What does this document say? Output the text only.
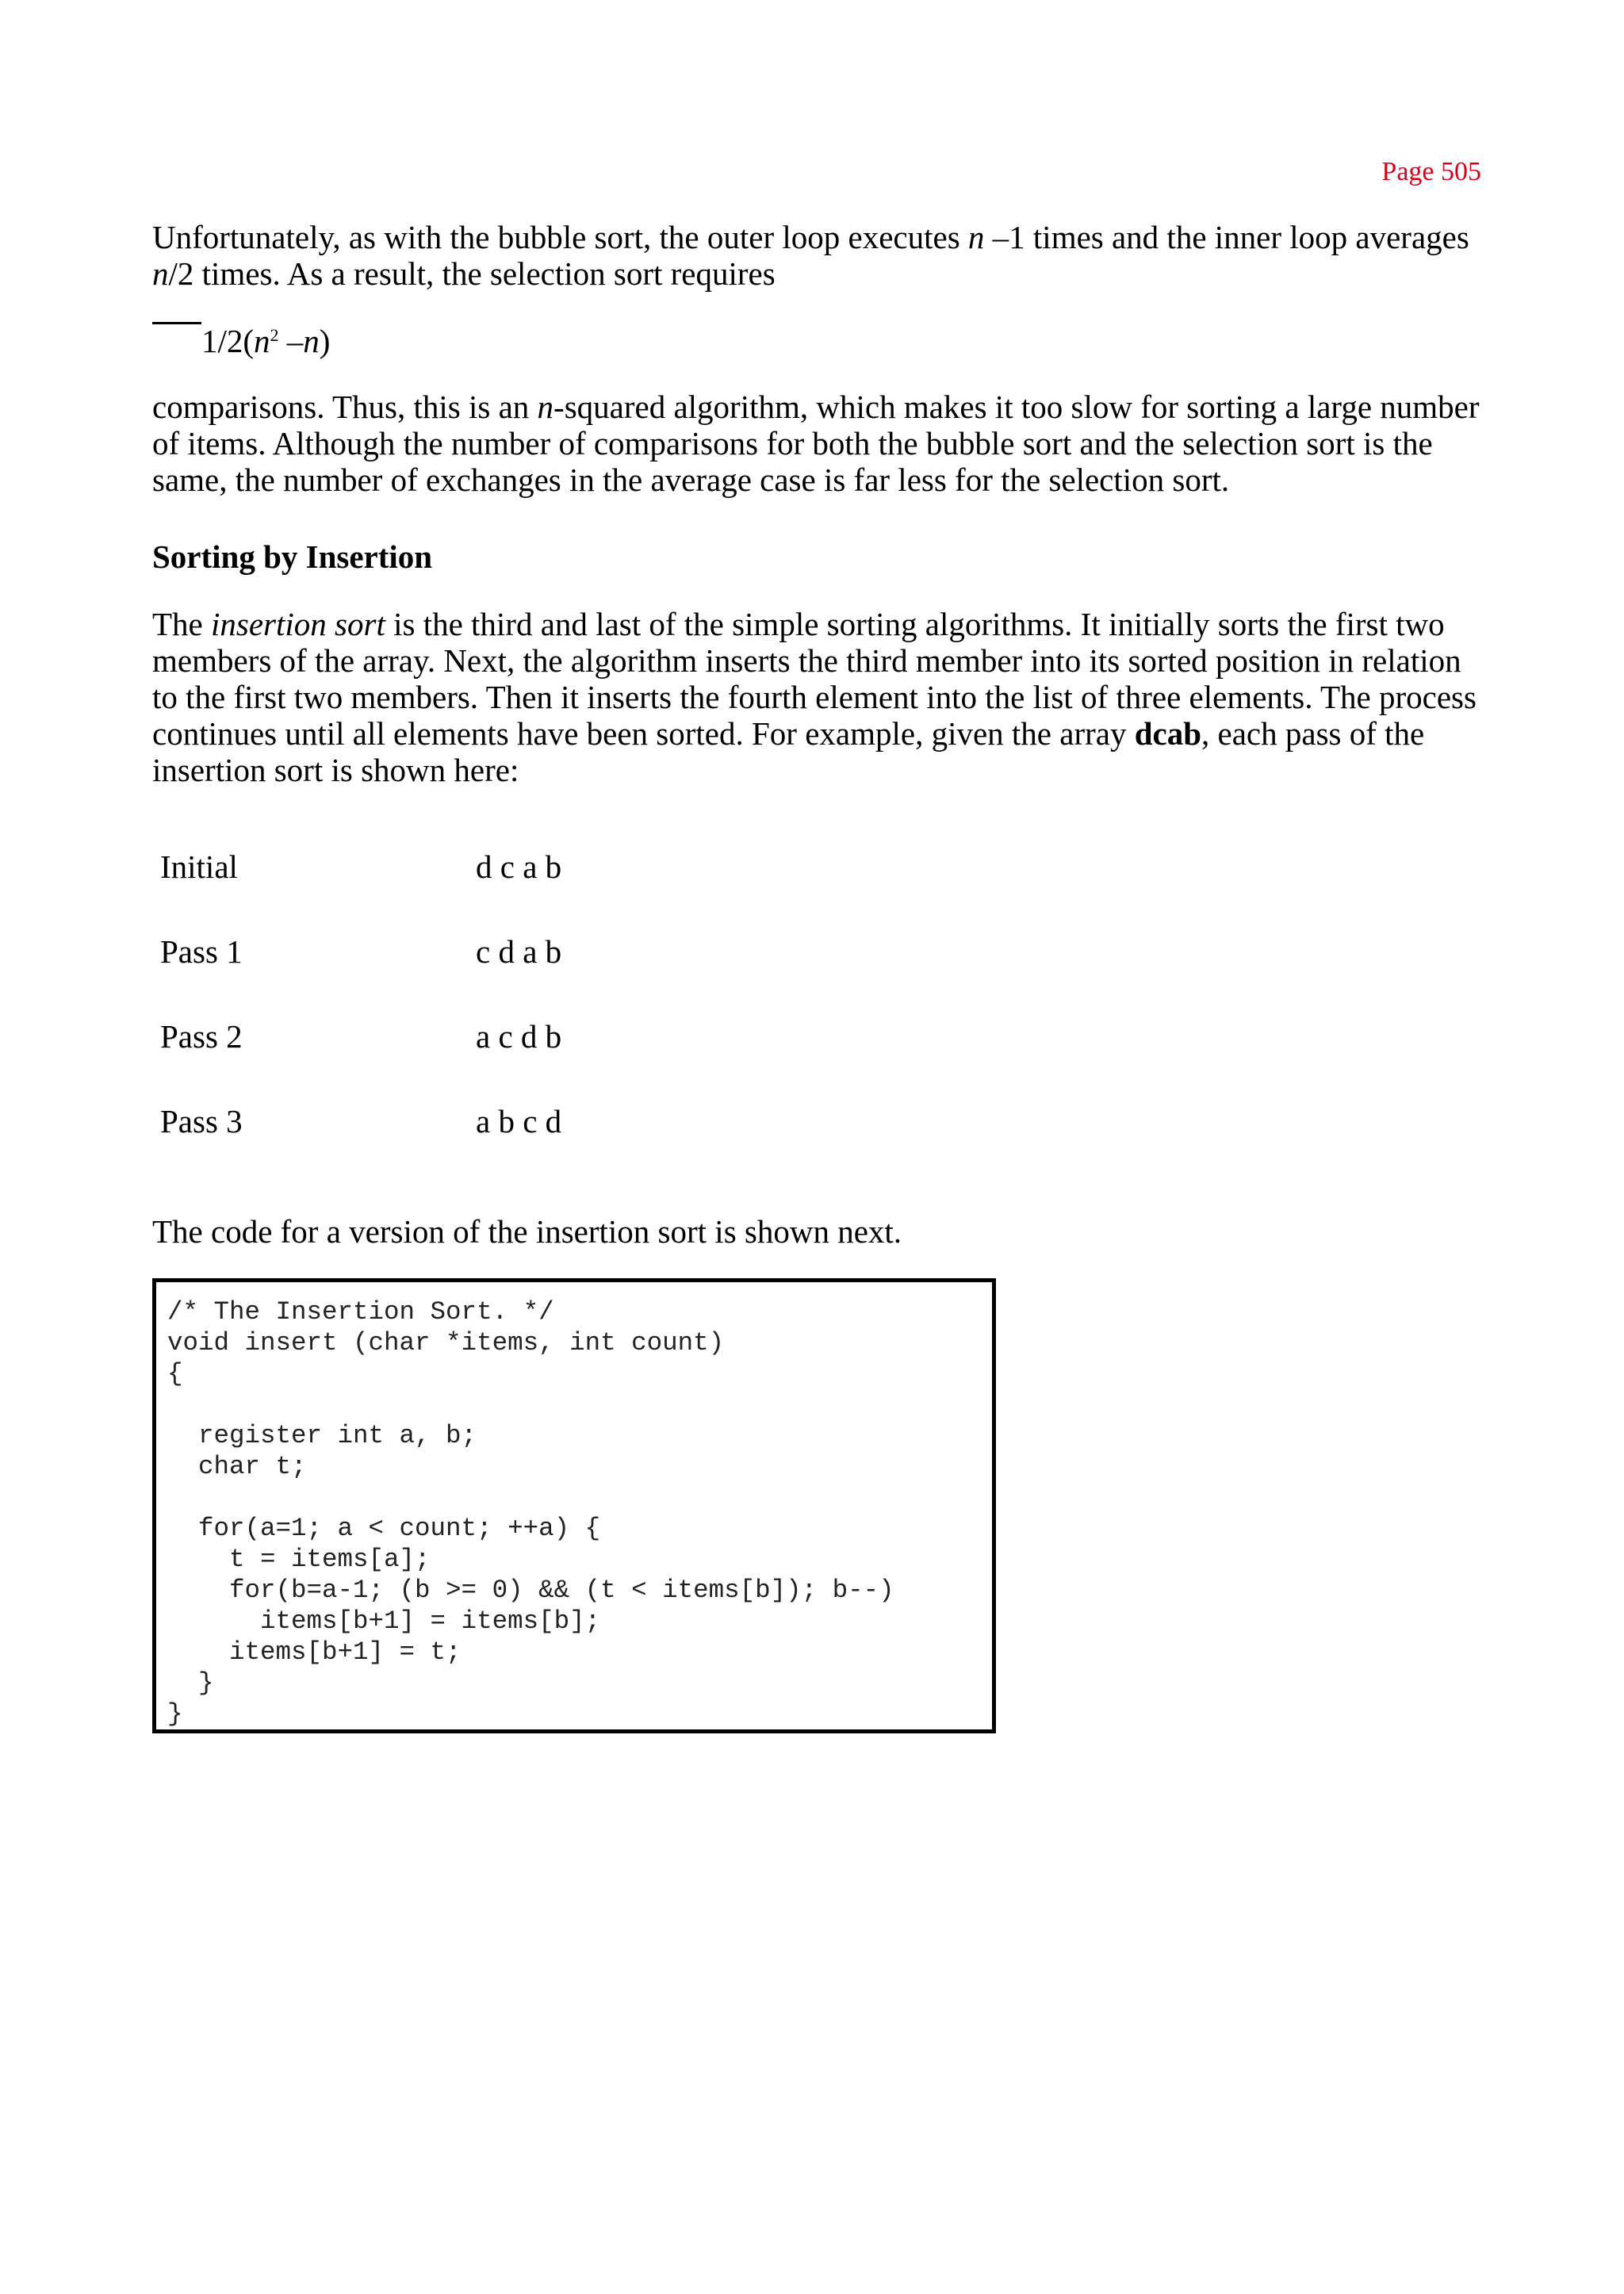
Page 505

Unfortunately, as with the bubble sort, the outer loop executes n –1 times and the inner loop averages n/2 times. As a result, the selection sort requires

$1/2(n^2$ –n)

comparisons. Thus, this is an n-squared algorithm, which makes it too slow for sorting a large number of items. Although the number of comparisons for both the bubble sort and the selection sort is the same, the number of exchanges in the average case is far less for the selection sort.

Sorting by Insertion

The insertion sort is the third and last of the simple sorting algorithms. It initially sorts the first two members of the array. Next, the algorithm inserts the third member into its sorted position in relation to the first two members. Then it inserts the fourth element into the list of three elements. The process continues until all elements have been sorted. For example, given the array dcab, each pass of the insertion sort is shown here:

Initial	d c a b
Pass 1	c d a b
Pass 2	a c d b
Pass 3	a b c d

The code for a version of the insertion sort is shown next.

/* The Insertion Sort. */
void insert (char *items, int count)
{

register int a, b;
char t;

for(a=1; a < count; ++a) {
t = items[a];
for(b=a-1; (b >= 0) && (t < items[b]); b--)
items[b+1] = items[b];
items[b+1] = t;
}
}
